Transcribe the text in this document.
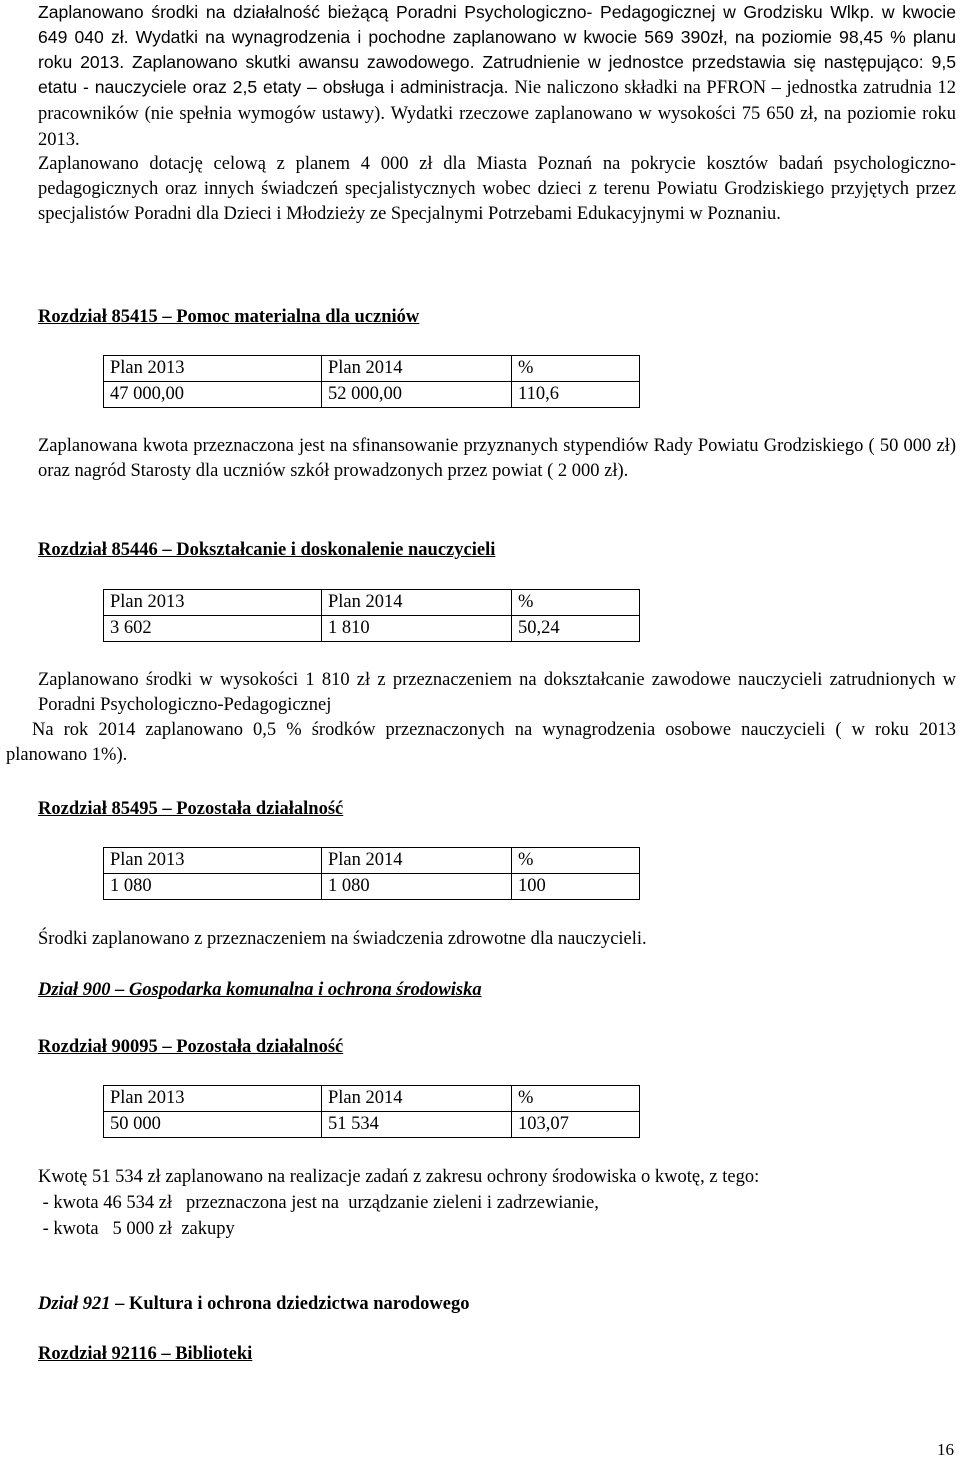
Zaplanowano środki na działalność bieżącą Poradni Psychologiczno- Pedagogicznej w Grodzisku Wlkp. w kwocie 649 040 zł. Wydatki na wynagrodzenia i pochodne zaplanowano w kwocie 569 390zł, na poziomie 98,45 % planu roku 2013. Zaplanowano skutki awansu zawodowego. Zatrudnienie w jednostce przedstawia się następująco: 9,5 etatu - nauczyciele oraz 2,5 etaty – obsługa i administracja. Nie naliczono składki na PFRON – jednostka zatrudnia 12 pracowników (nie spełnia wymogów ustawy). Wydatki rzeczowe zaplanowano w wysokości 75 650 zł, na poziomie roku 2013.

Zaplanowano dotację celową z planem 4 000 zł dla Miasta Poznań na pokrycie kosztów badań psychologiczno-pedagogicznych oraz innych świadczeń specjalistycznych wobec dzieci z terenu Powiatu Grodziskiego przyjętych przez specjalistów Poradni dla Dzieci i Młodzieży ze Specjalnymi Potrzebami Edukacyjnymi w Poznaniu.

Rozdział 85415 – Pomoc materialna dla uczniów

Plan 2013	Plan 2014	%
47 000,00	52 000,00	110,6

Zaplanowana kwota przeznaczona jest na sfinansowanie przyznanych stypendiów Rady Powiatu Grodziskiego ( 50 000 zł) oraz nagród Starosty dla uczniów szkół prowadzonych przez powiat ( 2 000 zł).

Rozdział 85446 – Dokształcanie i doskonalenie nauczycieli

Plan 2013	Plan 2014	%
3 602	1 810	50,24

Zaplanowano środki w wysokości 1 810 zł z przeznaczeniem na dokształcanie zawodowe nauczycieli zatrudnionych w Poradni Psychologiczno-Pedagogicznej

Na rok 2014 zaplanowano 0,5 % środków przeznaczonych na wynagrodzenia osobowe nauczycieli ( w roku 2013 planowano 1%).

Rozdział 85495 – Pozostała działalność

Plan 2013	Plan 2014	%
1 080	1 080	100

Środki zaplanowano z przeznaczeniem na świadczenia zdrowotne dla nauczycieli.

Dział 900 – Gospodarka komunalna i ochrona środowiska

Rozdział 90095 – Pozostała działalność

Plan 2013	Plan 2014	%
50 000	51 534	103,07

Kwotę 51 534 zł zaplanowano na realizacje zadań z zakresu ochrony środowiska o kwotę, z tego:

- kwota 46 534 zł   przeznaczona jest na  urządzanie zieleni i zadrzewianie,

- kwota   5 000 zł  zakupy

Dział 921 – Kultura i ochrona dziedzictwa narodowego

Rozdział 92116 – Biblioteki

16
